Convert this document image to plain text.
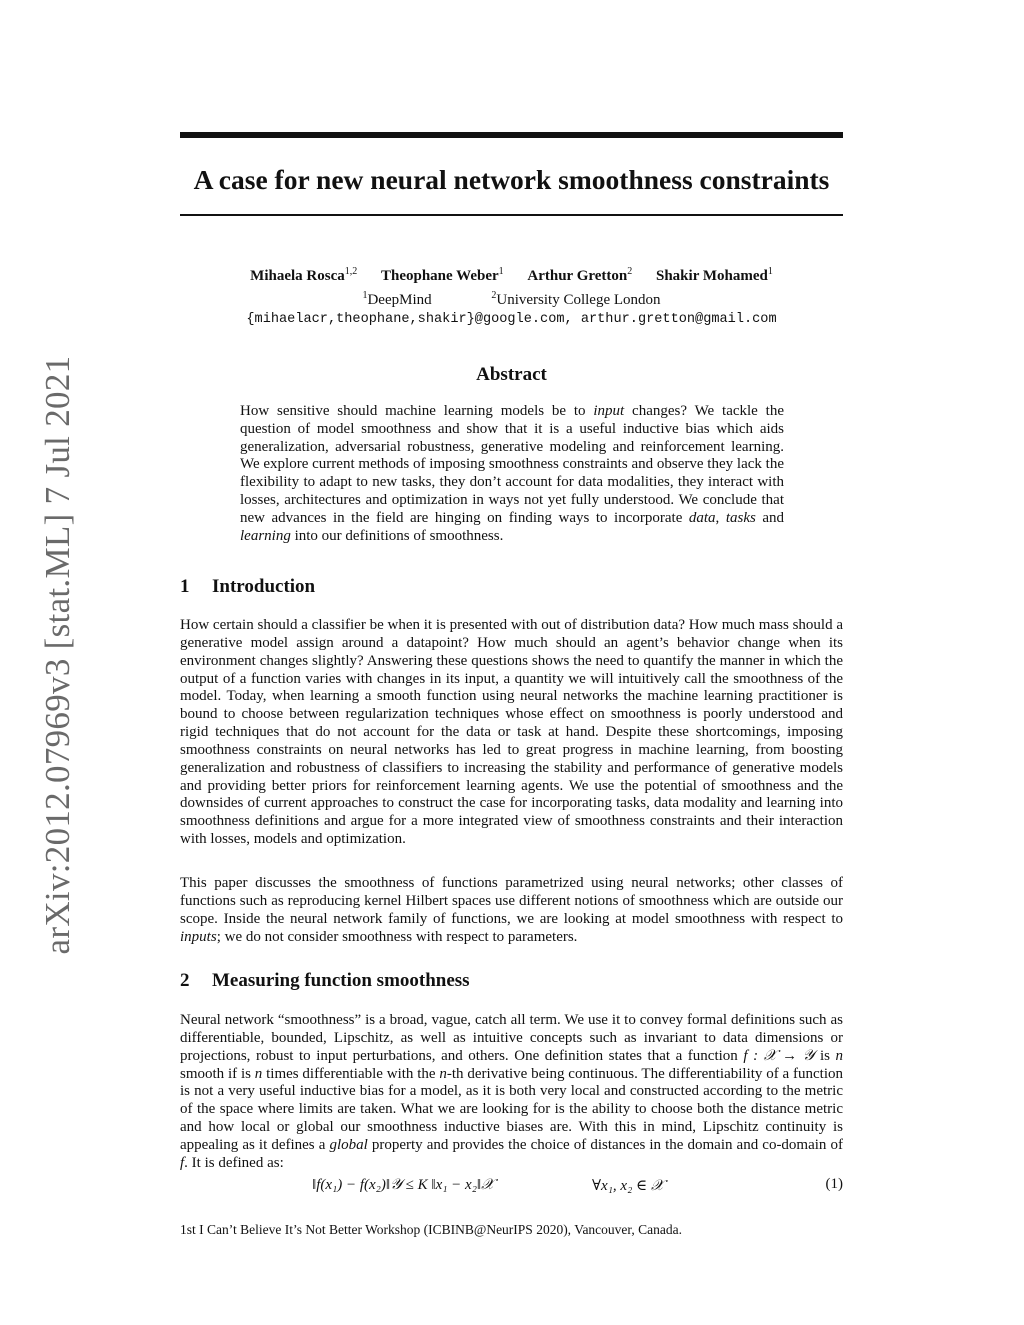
A case for new neural network smoothness constraints
Mihaela Rosca$^{1,2}$ Theophane Weber$^1$ Arthur Gretton$^2$ Shakir Mohamed$^1$
$^1$DeepMind	$^2$University College London
{mihaelacr,theophane,shakir}@google.com, arthur.gretton@gmail.com
arXiv:2012.07969v3 [stat.ML] 7 Jul 2021	Abstract
How sensitive should machine learning models be to input changes? We tackle the question of model smoothness and show that it is a useful inductive bias which aids generalization, adversarial robustness, generative modeling and reinforcement learning. We explore current methods of imposing smoothness constraints and observe they lack the flexibility to adapt to new tasks, they don’t account for data modalities, they interact with losses, architectures and optimization in ways not yet fully understood. We conclude that new advances in the field are hinging on finding ways to incorporate data, tasks and learning into our definitions of smoothness.
1 Introduction

How certain should a classifier be when it is presented with out of distribution data? How much mass should a generative model assign around a datapoint? How much should an agent’s behavior change when its environment changes slightly? Answering these questions shows the need to quantify the manner in which the output of a function varies with changes in its input, a quantity we will intuitively call the smoothness of the model. Today, when learning a smooth function using neural networks the machine learning practitioner is bound to choose between regularization techniques whose effect on smoothness is poorly understood and rigid techniques that do not account for the data or task at hand. Despite these shortcomings, imposing smoothness constraints on neural networks has led to great progress in machine learning, from boosting generalization and robustness of classifiers to increasing the stability and performance of generative models and providing better priors for reinforcement learning agents. We use the potential of smoothness and the downsides of current approaches to construct the case for incorporating tasks, data modality and learning into smoothness definitions and argue for a more integrated view of smoothness constraints and their interaction with losses, models and optimization.

This paper discusses the smoothness of functions parametrized using neural networks; other classes of functions such as reproducing kernel Hilbert spaces use different notions of smoothness which are outside our scope. Inside the neural network family of functions, we are looking at model smoothness with respect to inputs; we do not consider smoothness with respect to parameters.

2 Measuring function smoothness

Neural network “smoothness” is a broad, vague, catch all term. We use it to convey formal definitions such as differentiable, bounded, Lipschitz, as well as intuitive concepts such as invariant to data dimensions or projections, robust to input perturbations, and others. One definition states that a function f : 𝒳 → 𝒴 is n smooth if is n times differentiable with the n-th derivative being continuous. The differentiability of a function is not a very useful inductive bias for a model, as it is both very local and constructed according to the metric of the space where limits are taken. What we are looking for is the ability to choose both the distance metric and how local or global our smoothness inductive biases are. With this in mind, Lipschitz continuity is appealing as it defines a global property and provides the choice of distances in the domain and co-domain of f. It is defined as:

‖f(x₁) − f(x₂)‖𝒴 ≤ K ‖x₁ − x₂‖𝒳	∀x₁, x₂ ∈ 𝒳	(1)
1st I Can’t Believe It’s Not Better Workshop (ICBINB@NeurIPS 2020), Vancouver, Canada.
